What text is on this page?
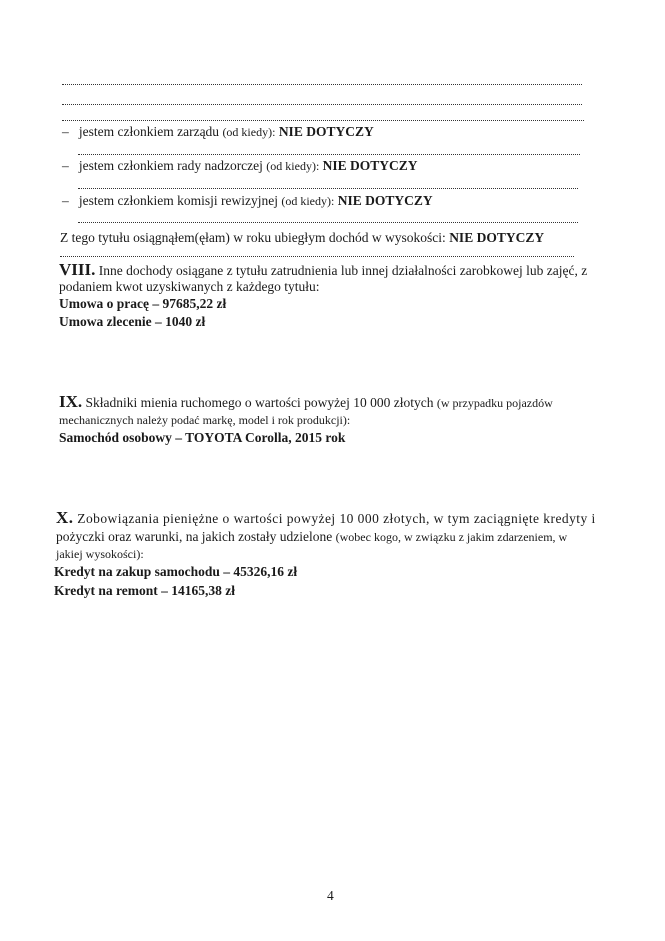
– jestem członkiem zarządu (od kiedy): NIE DOTYCZY
– jestem członkiem rady nadzorczej (od kiedy): NIE DOTYCZY
– jestem członkiem komisji rewizyjnej (od kiedy): NIE DOTYCZY
Z tego tytułu osiągnąłem(ęłam) w roku ubiegłym dochód w wysokości: NIE DOTYCZY
VIII. Inne dochody osiągane z tytułu zatrudnienia lub innej działalności zarobkowej lub zajęć, z
podaniem kwot uzyskiwanych z każdego tytułu:
Umowa o pracę – 97685,22 zł
Umowa zlecenie – 1040 zł
IX. Składniki mienia ruchomego o wartości powyżej 10 000 złotych (w przypadku pojazdów
mechanicznych należy podać markę, model i rok produkcji):
Samochód osobowy – TOYOTA Corolla, 2015 rok
X. Zobowiązania pieniężne o wartości powyżej 10 000 złotych, w tym zaciągnięte kredyty i
pożyczki oraz warunki, na jakich zostały udzielone (wobec kogo, w związku z jakim zdarzeniem, w
jakiej wysokości):
Kredyt na zakup samochodu – 45326,16 zł
Kredyt na remont – 14165,38 zł
4
